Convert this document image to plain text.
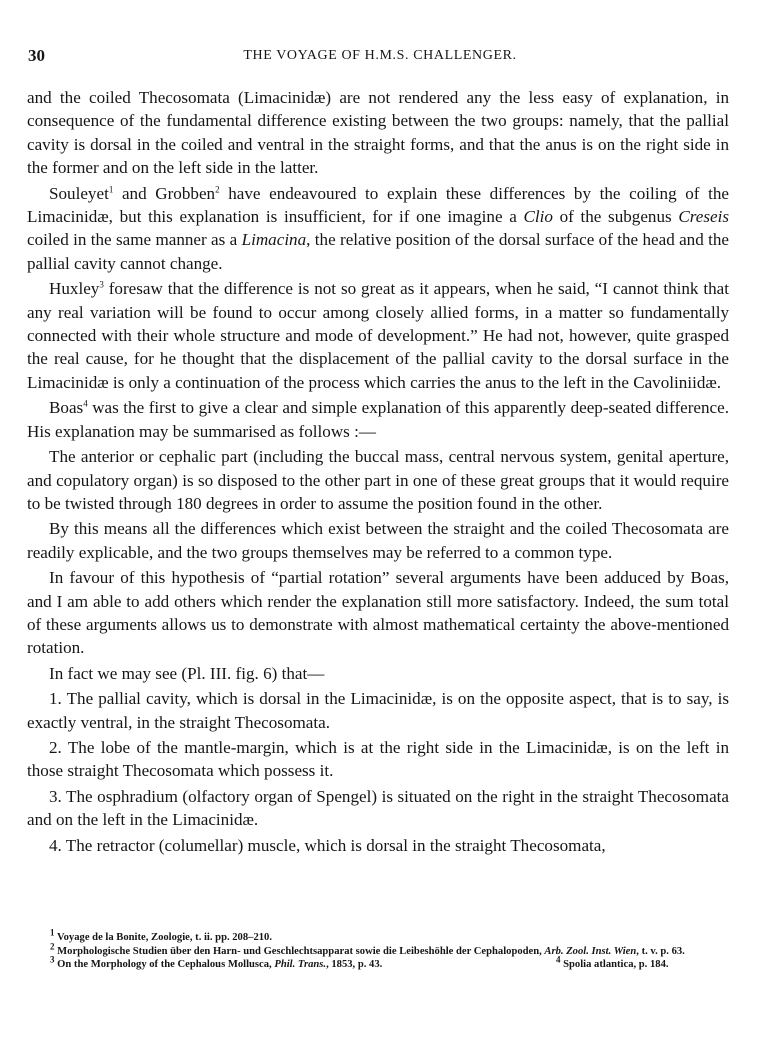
30	THE VOYAGE OF H.M.S. CHALLENGER.

and the coiled Thecosomata (Limacinidæ) are not rendered any the less easy of explanation, in consequence of the fundamental difference existing between the two groups: namely, that the pallial cavity is dorsal in the coiled and ventral in the straight forms, and that the anus is on the right side in the former and on the left side in the latter.

Souleyet$^1$ and Grobben$^2$ have endeavoured to explain these differences by the coiling of the Limacinidæ, but this explanation is insufficient, for if one imagine a Clio of the subgenus Creseis coiled in the same manner as a Limacina, the relative position of the dorsal surface of the head and the pallial cavity cannot change.

Huxley$^3$ foresaw that the difference is not so great as it appears, when he said, “I cannot think that any real variation will be found to occur among closely allied forms, in a matter so fundamentally connected with their whole structure and mode of development.” He had not, however, quite grasped the real cause, for he thought that the displacement of the pallial cavity to the dorsal surface in the Limacinidæ is only a continuation of the process which carries the anus to the left in the Cavoliniidæ.

Boas$^4$ was the first to give a clear and simple explanation of this apparently deep-seated difference. His explanation may be summarised as follows :—

The anterior or cephalic part (including the buccal mass, central nervous system, genital aperture, and copulatory organ) is so disposed to the other part in one of these great groups that it would require to be twisted through 180 degrees in order to assume the position found in the other.

By this means all the differences which exist between the straight and the coiled Thecosomata are readily explicable, and the two groups themselves may be referred to a common type.

In favour of this hypothesis of “partial rotation” several arguments have been adduced by Boas, and I am able to add others which render the explanation still more satisfactory. Indeed, the sum total of these arguments allows us to demonstrate with almost mathematical certainty the above-mentioned rotation.

In fact we may see (Pl. III. fig. 6) that—

1. The pallial cavity, which is dorsal in the Limacinidæ, is on the opposite aspect, that is to say, is exactly ventral, in the straight Thecosomata.

2. The lobe of the mantle-margin, which is at the right side in the Limacinidæ, is on the left in those straight Thecosomata which possess it.

3. The osphradium (olfactory organ of Spengel) is situated on the right in the straight Thecosomata and on the left in the Limacinidæ.

4. The retractor (columellar) muscle, which is dorsal in the straight Thecosomata,

$^1$ Voyage de la Bonite, Zoologie, t. ii. pp. 208–210.
$^2$ Morphologische Studien über den Harn- und Geschlechtsapparat sowie die Leibeshöhle der Cephalopoden, Arb. Zool. Inst. Wien, t. v. p. 63.
$^3$ On the Morphology of the Cephalous Mollusca, Phil. Trans., 1853, p. 43.	$^4$ Spolia atlantica, p. 184.
